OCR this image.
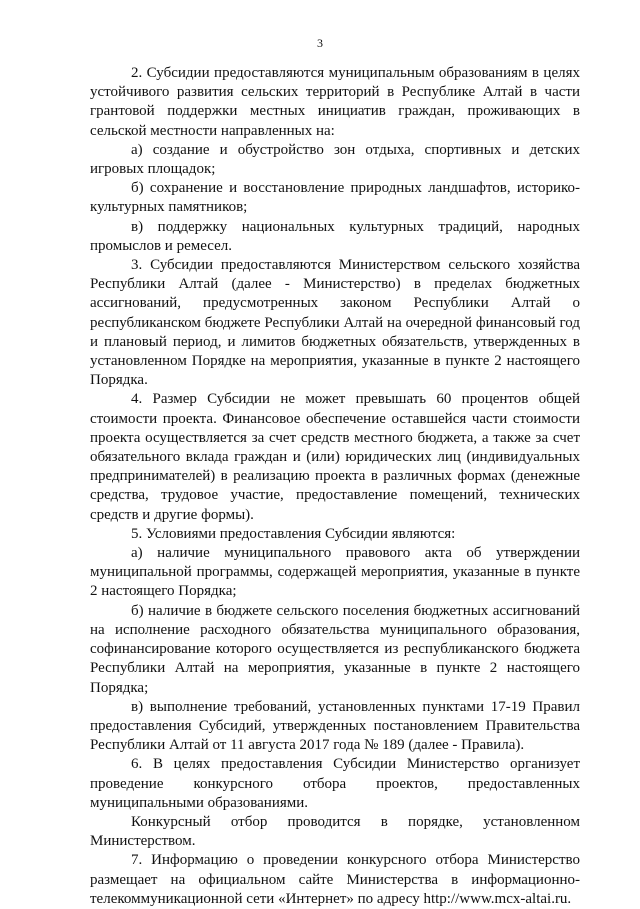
3

2. Субсидии предоставляются муниципальным образованиям в целях устойчивого развития сельских территорий в Республике Алтай в части грантовой поддержки местных инициатив граждан, проживающих в сельской местности направленных на:

а) создание и обустройство зон отдыха, спортивных и детских игровых площадок;

б) сохранение и восстановление природных ландшафтов, историко-культурных памятников;

в) поддержку национальных культурных традиций, народных промыслов и ремесел.

3. Субсидии предоставляются Министерством сельского хозяйства Республики Алтай (далее - Министерство) в пределах бюджетных ассигнований, предусмотренных законом Республики Алтай о республиканском бюджете Республики Алтай на очередной финансовый год и плановый период, и лимитов бюджетных обязательств, утвержденных в установленном Порядке на мероприятия, указанные в пункте 2 настоящего Порядка.

4. Размер Субсидии не может превышать 60 процентов общей стоимости проекта. Финансовое обеспечение оставшейся части стоимости проекта осуществляется за счет средств местного бюджета, а также за счет обязательного вклада граждан и (или) юридических лиц (индивидуальных предпринимателей) в реализацию проекта в различных формах (денежные средства, трудовое участие, предоставление помещений, технических средств и другие формы).

5. Условиями предоставления Субсидии являются:

а) наличие муниципального правового акта об утверждении муниципальной программы, содержащей мероприятия, указанные в пункте 2 настоящего Порядка;

б) наличие в бюджете сельского поселения бюджетных ассигнований на исполнение расходного обязательства муниципального образования, софинансирование которого осуществляется из республиканского бюджета Республики Алтай на мероприятия, указанные в пункте 2 настоящего Порядка;

в) выполнение требований, установленных пунктами 17-19 Правил предоставления Субсидий, утвержденных постановлением Правительства Республики Алтай от 11 августа 2017 года № 189 (далее - Правила).

6. В целях предоставления Субсидии Министерство организует проведение конкурсного отбора проектов, предоставленных муниципальными образованиями.

Конкурсный отбор проводится в порядке, установленном Министерством.

7. Информацию о проведении конкурсного отбора Министерство размещает на официальном сайте Министерства в информационно-телекоммуникационной сети «Интернет» по адресу http://www.mcx-altai.ru.
